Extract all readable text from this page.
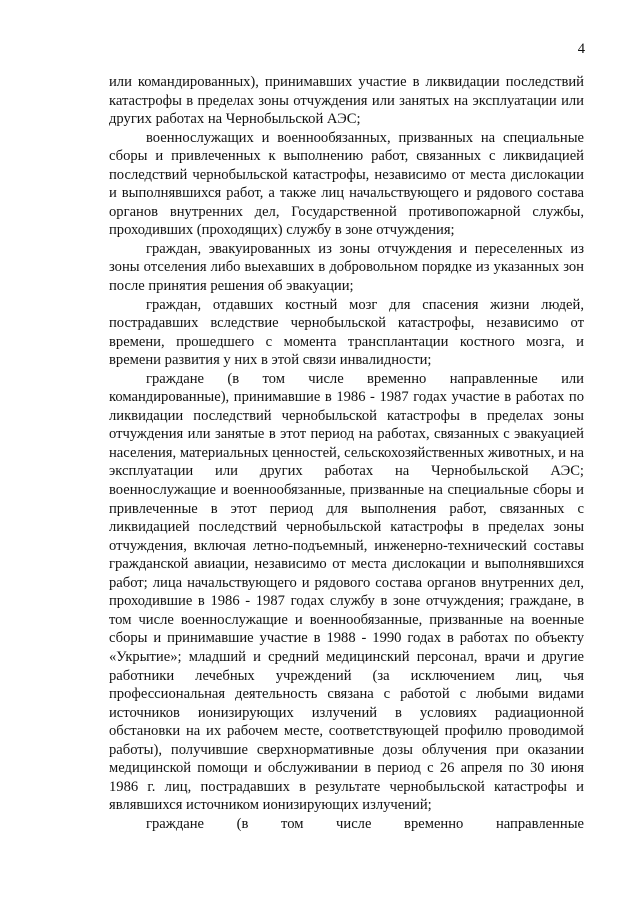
4

или командированных), принимавших участие в ликвидации последствий катастрофы в пределах зоны отчуждения или занятых на эксплуатации или других работах на Чернобыльской АЭС;

военнослужащих и военнообязанных, призванных на специальные сборы и привлеченных к выполнению работ, связанных с ликвидацией последствий чернобыльской катастрофы, независимо от места дислокации и выполнявшихся работ, а также лиц начальствующего и рядового состава органов внутренних дел, Государственной противопожарной службы, проходивших (проходящих) службу в зоне отчуждения;

граждан, эвакуированных из зоны отчуждения и переселенных из зоны отселения либо выехавших в добровольном порядке из указанных зон после принятия решения об эвакуации;

граждан, отдавших костный мозг для спасения жизни людей, пострадавших вследствие чернобыльской катастрофы, независимо от времени, прошедшего с момента трансплантации костного мозга, и времени развития у них в этой связи инвалидности;

граждане (в том числе временно направленные или командированные), принимавшие в 1986 - 1987 годах участие в работах по ликвидации последствий чернобыльской катастрофы в пределах зоны отчуждения или занятые в этот период на работах, связанных с эвакуацией населения, материальных ценностей, сельскохозяйственных животных, и на эксплуатации или других работах на Чернобыльской АЭС; военнослужащие и военнообязанные, призванные на специальные сборы и привлеченные в этот период для выполнения работ, связанных с ликвидацией последствий чернобыльской катастрофы в пределах зоны отчуждения, включая летно-подъемный, инженерно-технический составы гражданской авиации, независимо от места дислокации и выполнявшихся работ; лица начальствующего и рядового состава органов внутренних дел, проходившие в 1986 - 1987 годах службу в зоне отчуждения; граждане, в том числе военнослужащие и военнообязанные, призванные на военные сборы и принимавшие участие в 1988 - 1990 годах в работах по объекту «Укрытие»; младший и средний медицинский персонал, врачи и другие работники лечебных учреждений (за исключением лиц, чья профессиональная деятельность связана с работой с любыми видами источников ионизирующих излучений в условиях радиационной обстановки на их рабочем месте, соответствующей профилю проводимой работы), получившие сверхнормативные дозы облучения при оказании медицинской помощи и обслуживании в период с 26 апреля по 30 июня 1986 г. лиц, пострадавших в результате чернобыльской катастрофы и являвшихся источником ионизирующих излучений;

граждане (в том числе временно направленные
